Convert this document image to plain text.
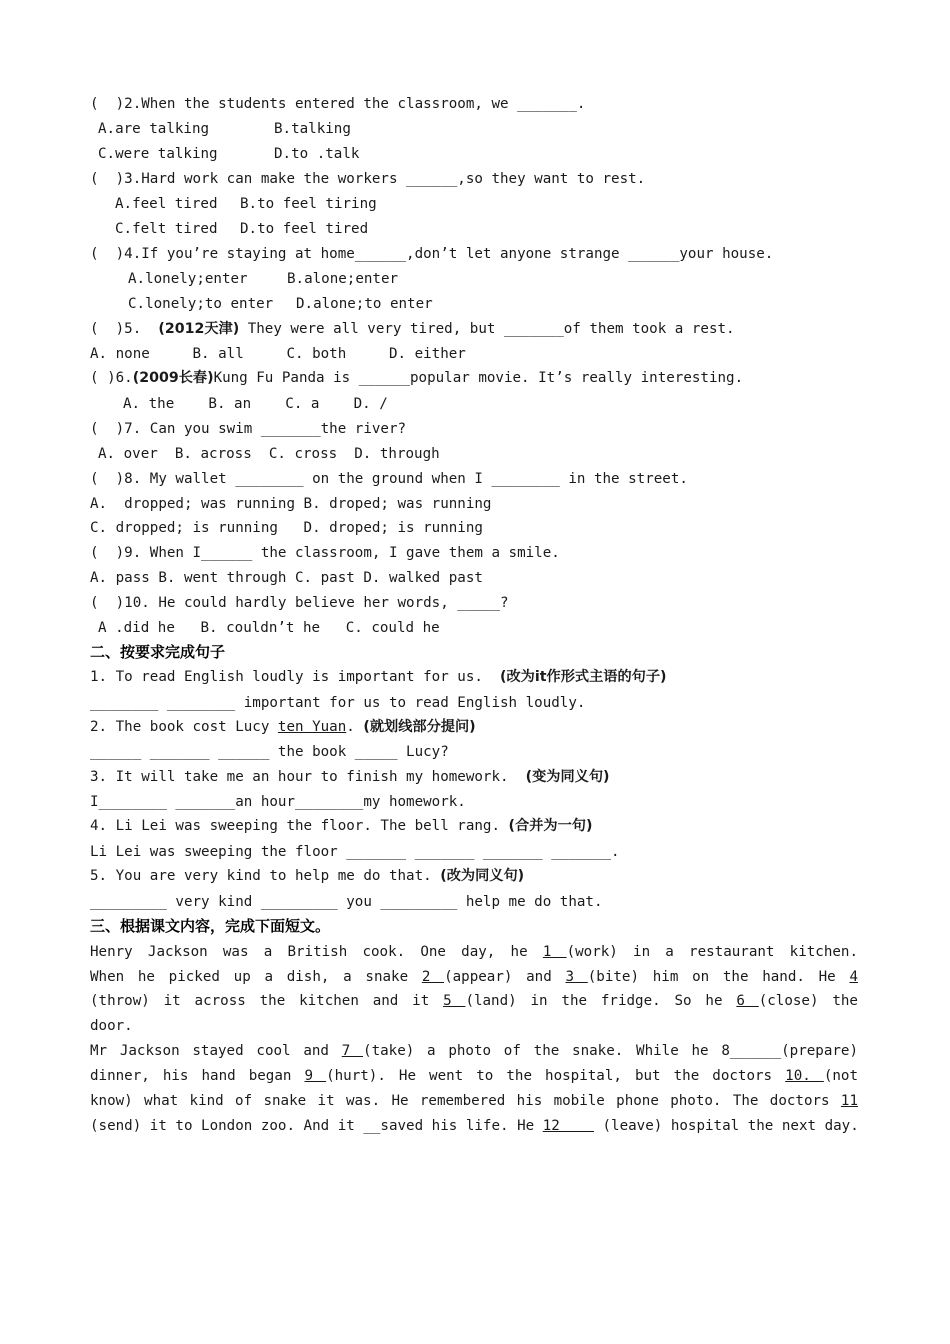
(  )2.When the students entered the classroom, we _______.
A.are talking	B.talking
C.were talking	D.to .talk
(  )3.Hard work can make the workers ______,so they want to rest.
A.feel tired B.to feel tiring
C.felt tired D.to feel tired
(  )4.If you’re staying at home______,don’t let anyone strange ______your house.
A.lonely;enter	B.alone;enter
C.lonely;to enter D.alone;to enter
(  )5.  (2012天津) They were all very tired, but _______of them took a rest.
A. none     B. all     C. both     D. either
( )6.(2009长春)Kung Fu Panda is ______popular movie. It’s really interesting.
A. the    B. an    C. a    D. /
(  )7. Can you swim _______the river?
A. over  B. across  C. cross  D. through
(  )8. My wallet ________ on the ground when I ________ in the street.
A.  dropped; was running B. droped; was running
C. dropped; is running   D. droped; is running
(  )9. When I______ the classroom, I gave them a smile.
A. pass B. went through C. past D. walked past
(  )10. He could hardly believe her words, _____?
A .did he   B. couldn’t he   C. could he
二、按要求完成句子
1. To read English loudly is important for us.  (改为it作形式主语的句子)
________ ________ important for us to read English loudly.
2. The book cost Lucy ten Yuan. (就划线部分提问)
______ _______ ______ the book _____ Lucy?
3. It will take me an hour to finish my homework.  (变为同义句)
I________ _______an hour________my homework.
4. Li Lei was sweeping the floor. The bell rang. (合并为一句)
Li Lei was sweeping the floor _______ _______ _______ _______.
5. You are very kind to help me do that. (改为同义句)
_________ very kind _________ you _________ help me do that.
三、根据课文内容，完成下面短文。
Henry Jackson was a British cook. One day, he 1 (work) in a restaurant kitchen.
When he picked up a dish, a snake 2 (appear) and 3 (bite) him on the hand. He 4
(throw) it across the kitchen and it 5 (land) in the fridge. So he 6 (close) the
door.
Mr Jackson stayed cool and 7 (take) a photo of the snake. While he 8______(prepare)
dinner, his hand began 9 (hurt). He went to the hospital, but the doctors 10. (not
know) what kind of snake it was. He remembered his mobile phone photo. The doctors 11
(send) it to London zoo. And it __saved his life. He 12     (leave) hospital the next day.
